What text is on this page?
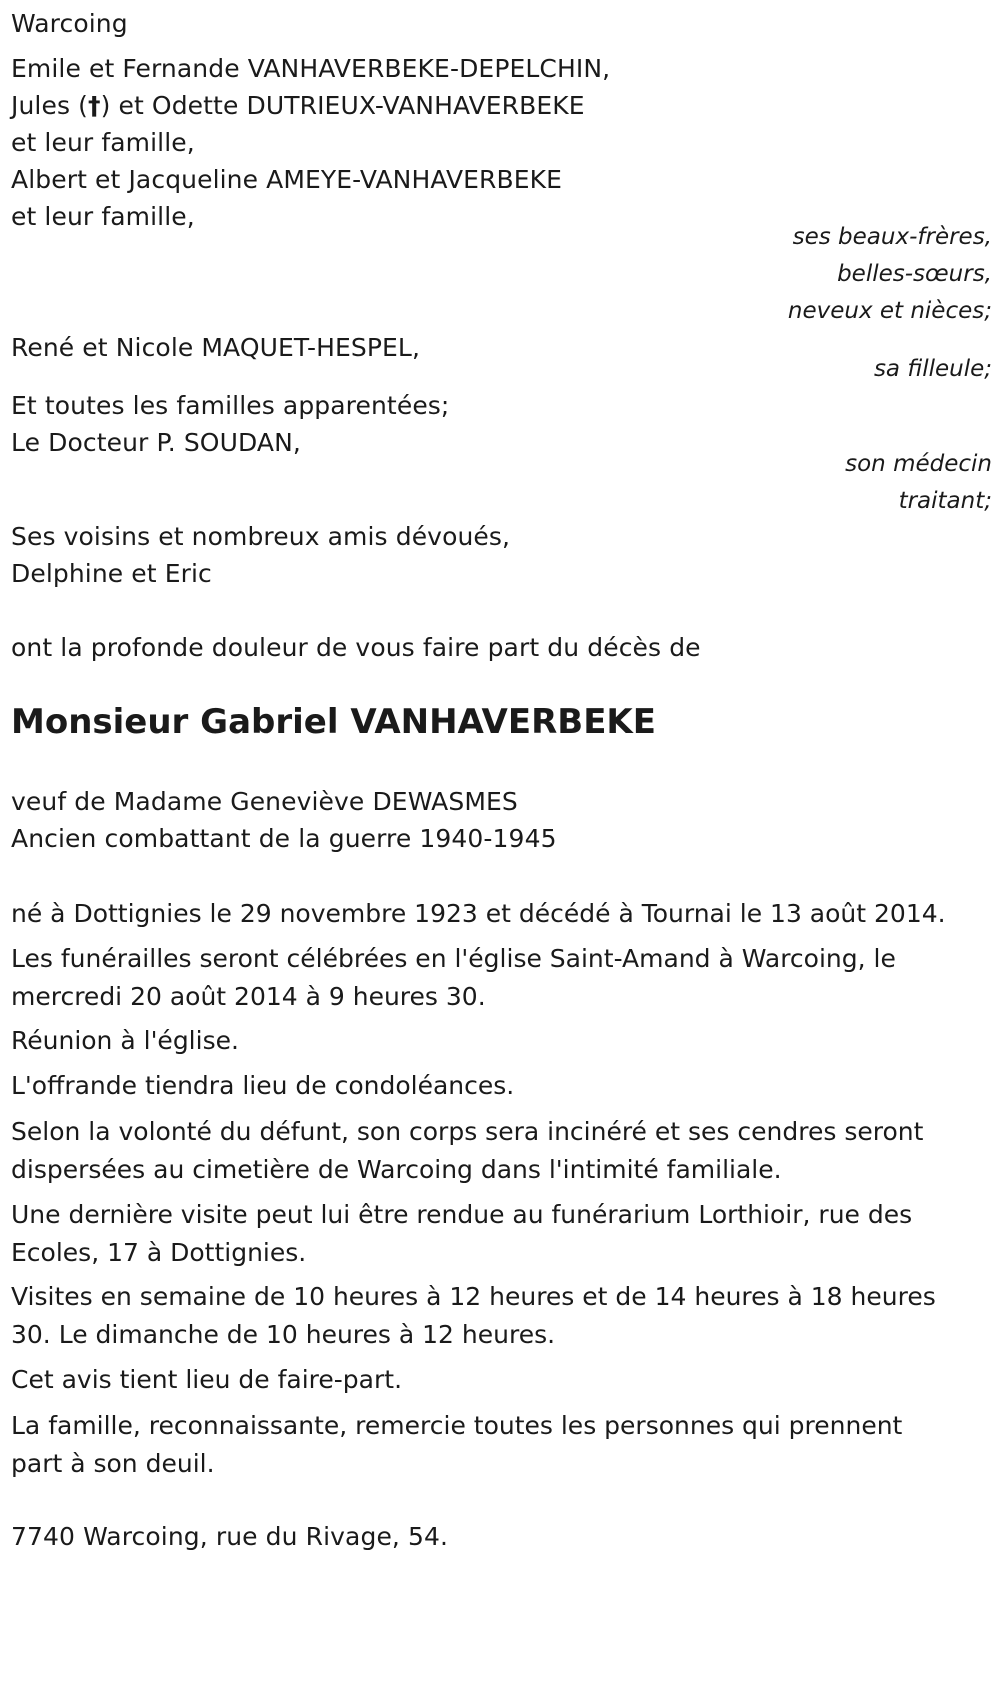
Warcoing

Emile et Fernande VANHAVERBEKE-DEPELCHIN,

Jules (†) et Odette DUTRIEUX-VANHAVERBEKE

et leur famille,

Albert et Jacqueline AMEYE-VANHAVERBEKE

et leur famille,

ses beaux-frères,

belles-sœurs,

neveux et nièces;

René et Nicole MAQUET-HESPEL,

sa filleule;

Et toutes les familles apparentées;

Le Docteur P. SOUDAN,

son médecin

traitant;

Ses voisins et nombreux amis dévoués,

Delphine et Eric

ont la profonde douleur de vous faire part du décès de

Monsieur Gabriel VANHAVERBEKE

veuf de Madame Geneviève DEWASMES

Ancien combattant de la guerre 1940-1945

né à Dottignies le 29 novembre 1923 et décédé à Tournai le 13 août 2014.

Les funérailles seront célébrées en l'église Saint-Amand à Warcoing, le
mercredi 20 août 2014 à 9 heures 30.

Réunion à l'église.

L'offrande tiendra lieu de condoléances.

Selon la volonté du défunt, son corps sera incinéré et ses cendres seront
dispersées au cimetière de Warcoing dans l'intimité familiale.

Une dernière visite peut lui être rendue au funérarium Lorthioir, rue des
Ecoles, 17 à Dottignies.

Visites en semaine de 10 heures à 12 heures et de 14 heures à 18 heures
30. Le dimanche de 10 heures à 12 heures.

Cet avis tient lieu de faire-part.

La famille, reconnaissante, remercie toutes les personnes qui prennent
part à son deuil.

7740 Warcoing, rue du Rivage, 54.
